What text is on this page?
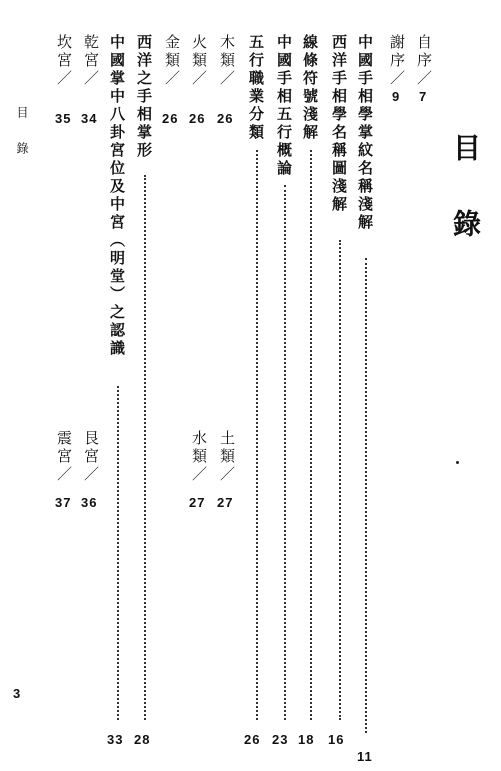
目錄
3
目錄
自序／
7
謝序／
9
中國手相學掌紋名稱淺解
11
西洋手相學名稱圖淺解
16
線條符號淺解
18
中國手相五行概論
23
五行職業分類
26
木類／
26
土類／
27
火類／
26
水類／
27
金類／
26
西洋之手相掌形
28
中國掌中八卦宮位及中宮（明堂）之認識
33
乾宮／
34
艮宮／
36
坎宮／
35
震宮／
37
